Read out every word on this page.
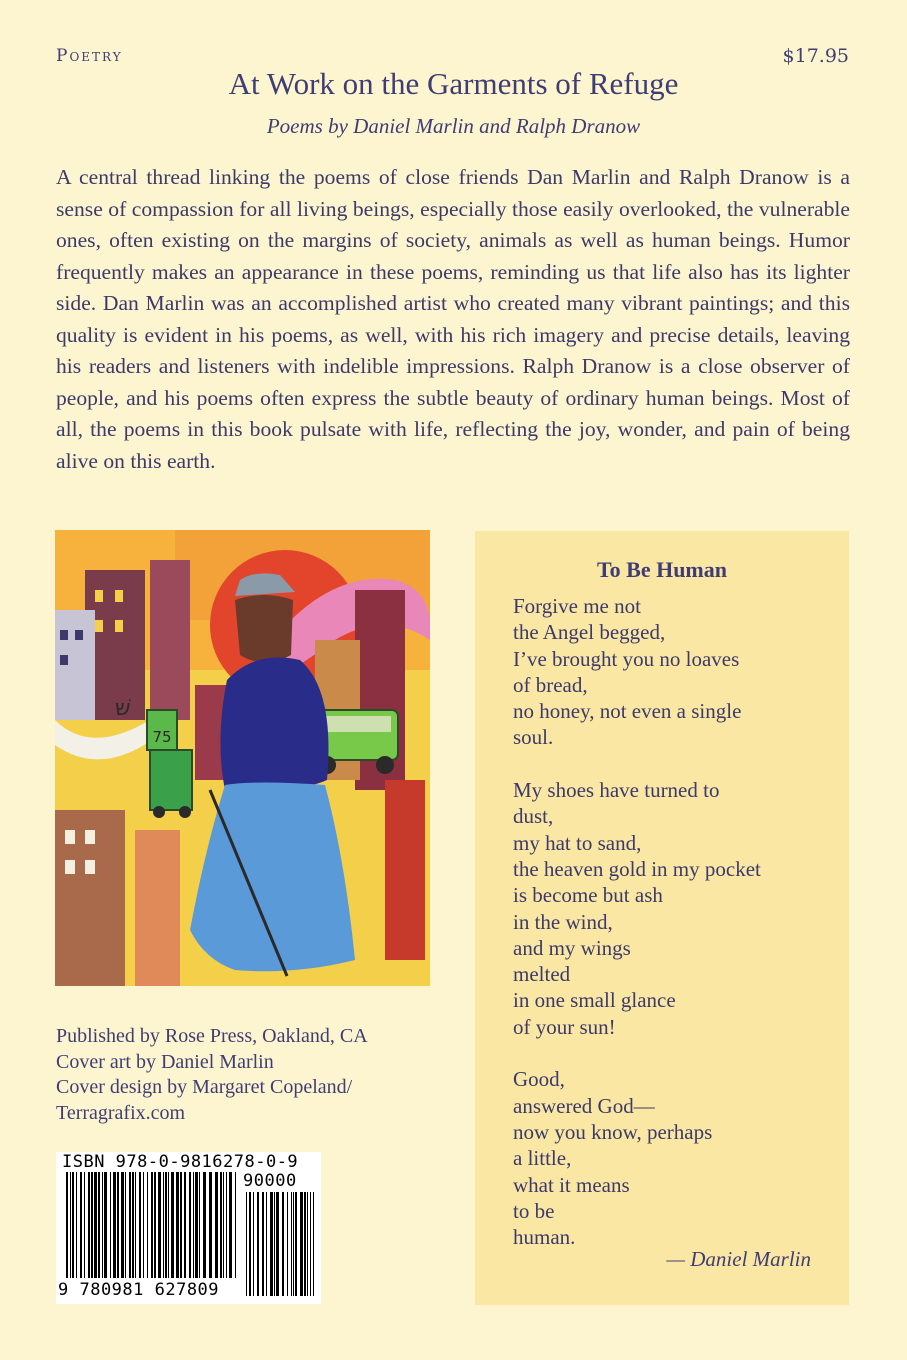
Poetry	$17.95
At Work on the Garments of Refuge
Poems by Daniel Marlin and Ralph Dranow
A central thread linking the poems of close friends Dan Marlin and Ralph Dranow is a sense of compassion for all living beings, especially those easily overlooked, the vulnerable ones, often existing on the margins of society, animals as well as human beings. Humor frequently makes an appearance in these poems, reminding us that life also has its lighter side. Dan Marlin was an accomplished artist who created many vibrant paintings; and this quality is evident in his poems, as well, with his rich imagery and precise details, leaving his readers and listeners with indelible impressions. Ralph Dranow is a close observer of people, and his poems often express the subtle beauty of ordinary human beings. Most of all, the poems in this book pulsate with life, reflecting the joy, wonder, and pain of being alive on this earth.
75
שׁ
Published by Rose Press, Oakland, CA
Cover art by Daniel Marlin
Cover design by Margaret Copeland/
Terragrafix.com
ISBN 978-0-9816278-0-9
90000
9 780981 627809
To Be Human
Forgive me not
the Angel begged,
I’ve brought you no loaves
of bread,
no honey, not even a single
soul.
My shoes have turned to
dust,
my hat to sand,
the heaven gold in my pocket
is become but ash
in the wind,
and my wings
melted
in one small glance
of your sun!
Good,
answered God—
now you know, perhaps
a little,
what it means
to be
human.
— Daniel Marlin
